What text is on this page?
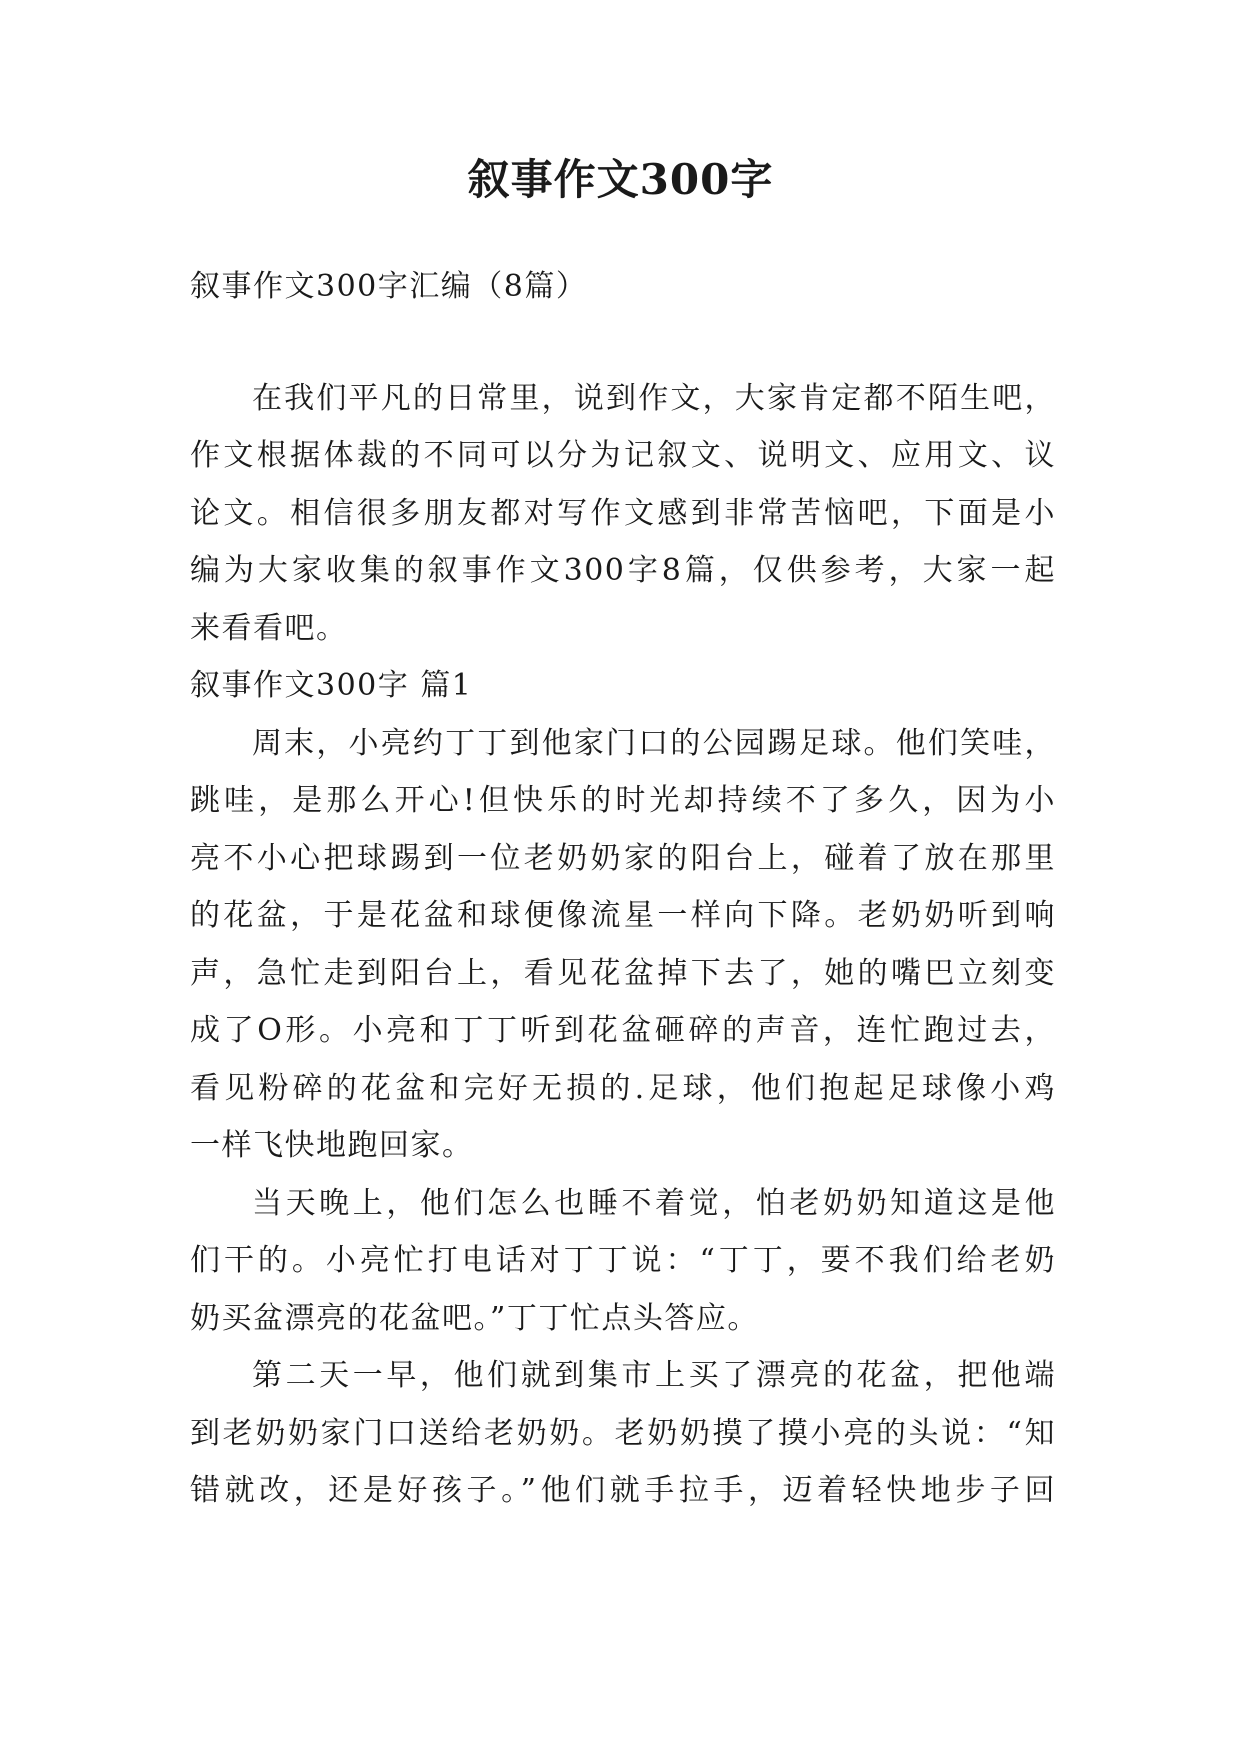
叙事作文300字
叙事作文300字汇编（8篇）
在我们平凡的日常里，说到作文，大家肯定都不陌生吧，
作文根据体裁的不同可以分为记叙文、说明文、应用文、议
论文。相信很多朋友都对写作文感到非常苦恼吧，下面是小
编为大家收集的叙事作文300字8篇，仅供参考，大家一起
来看看吧。
叙事作文300字 篇1
周末，小亮约丁丁到他家门口的公园踢足球。他们笑哇，
跳哇，是那么开心!但快乐的时光却持续不了多久，因为小
亮不小心把球踢到一位老奶奶家的阳台上，碰着了放在那里
的花盆，于是花盆和球便像流星一样向下降。老奶奶听到响
声，急忙走到阳台上，看见花盆掉下去了，她的嘴巴立刻变
成了O形。小亮和丁丁听到花盆砸碎的声音，连忙跑过去，
看见粉碎的花盆和完好无损的.足球，他们抱起足球像小鸡
一样飞快地跑回家。
当天晚上，他们怎么也睡不着觉，怕老奶奶知道这是他
们干的。小亮忙打电话对丁丁说：“丁丁，要不我们给老奶
奶买盆漂亮的花盆吧。”丁丁忙点头答应。
第二天一早，他们就到集市上买了漂亮的花盆，把他端
到老奶奶家门口送给老奶奶。老奶奶摸了摸小亮的头说：“知
错就改，还是好孩子。”他们就手拉手，迈着轻快地步子回
